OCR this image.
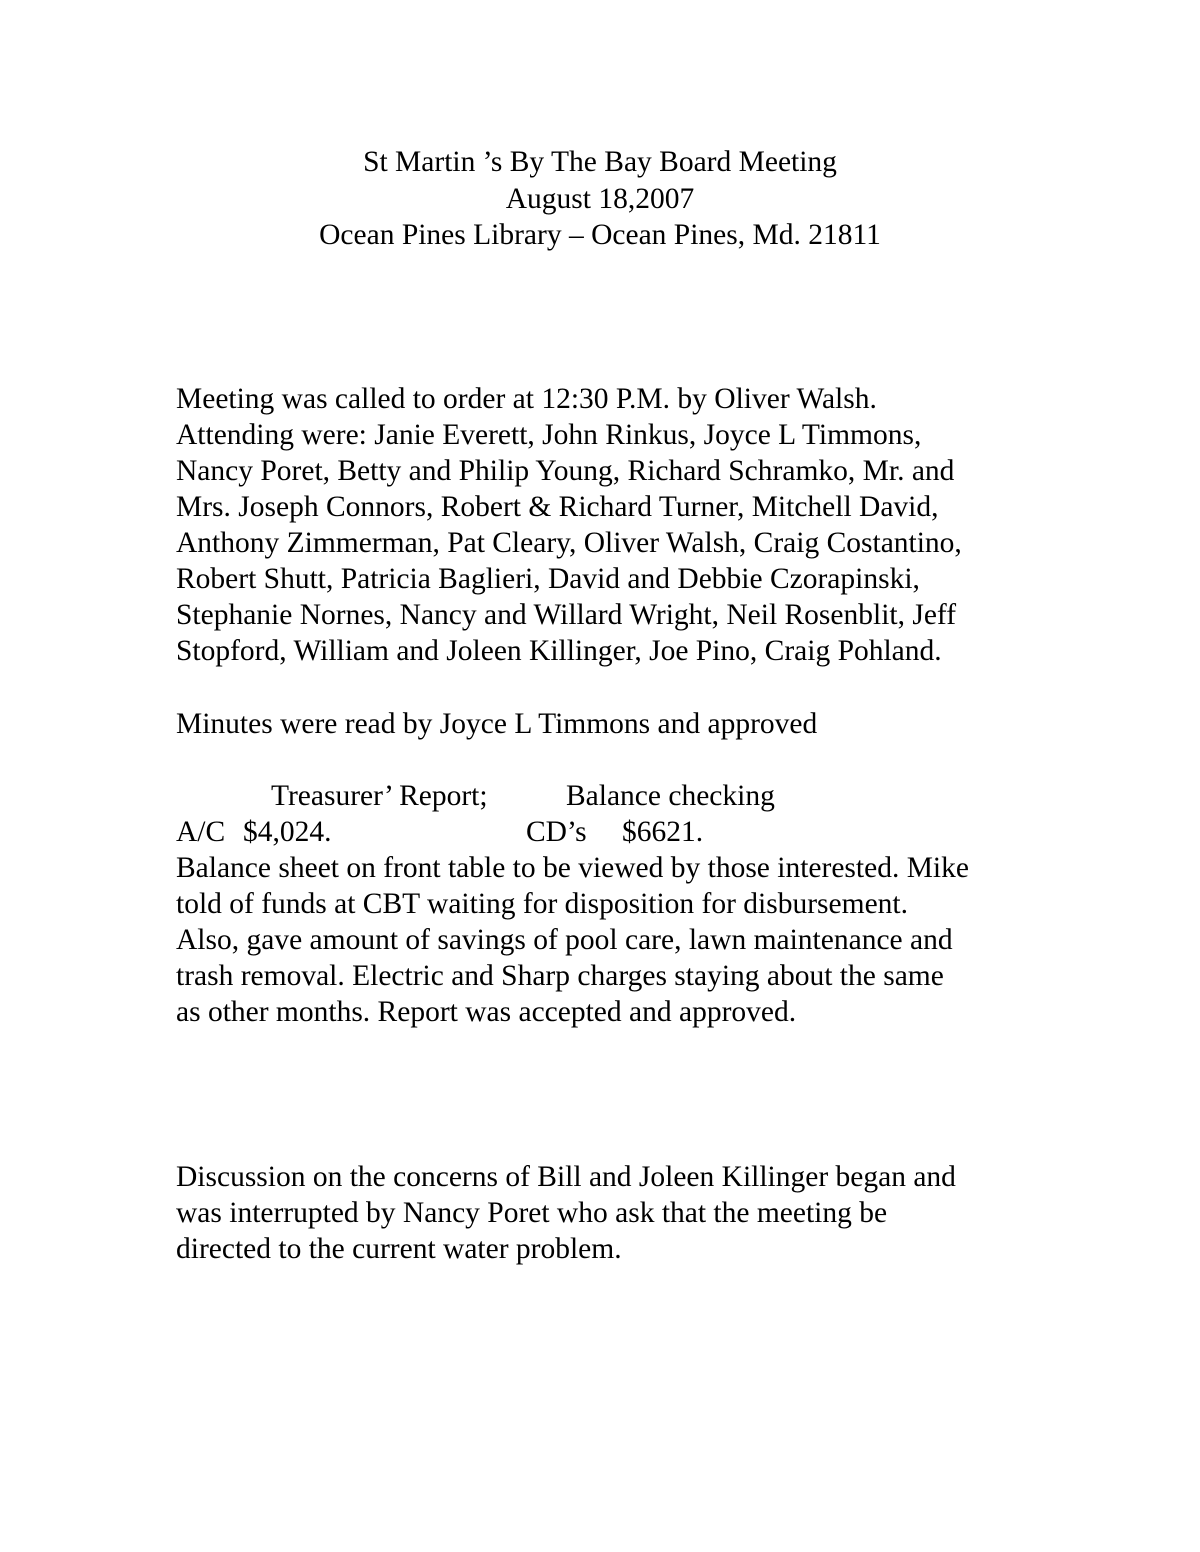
St Martin ’s By The Bay Board Meeting
August 18,2007
Ocean Pines Library – Ocean Pines, Md. 21811
Meeting was called to order at 12:30 P.M. by Oliver Walsh.
Attending were: Janie Everett, John Rinkus, Joyce L Timmons,
Nancy Poret, Betty and Philip Young, Richard Schramko, Mr. and
Mrs. Joseph Connors, Robert & Richard Turner, Mitchell David,
Anthony Zimmerman, Pat Cleary, Oliver Walsh, Craig Costantino,
Robert Shutt, Patricia Baglieri, David and Debbie Czorapinski,
Stephanie Nornes, Nancy and Willard Wright, Neil Rosenblit, Jeff
Stopford, William and Joleen Killinger, Joe Pino, Craig Pohland.
Minutes were read by Joyce L Timmons and approved
Treasurer’ Report;	Balance checking
A/C $4,024.	CD’s $6621.
Balance sheet on front table to be viewed by those interested. Mike
told of funds at CBT waiting for disposition for disbursement.
Also, gave amount of savings of pool care, lawn maintenance and
trash removal. Electric and Sharp charges staying about the same
as other months. Report was accepted and approved.
Discussion on the concerns of Bill and Joleen Killinger began and
was interrupted by Nancy Poret who ask that the meeting be
directed to the current water problem.
